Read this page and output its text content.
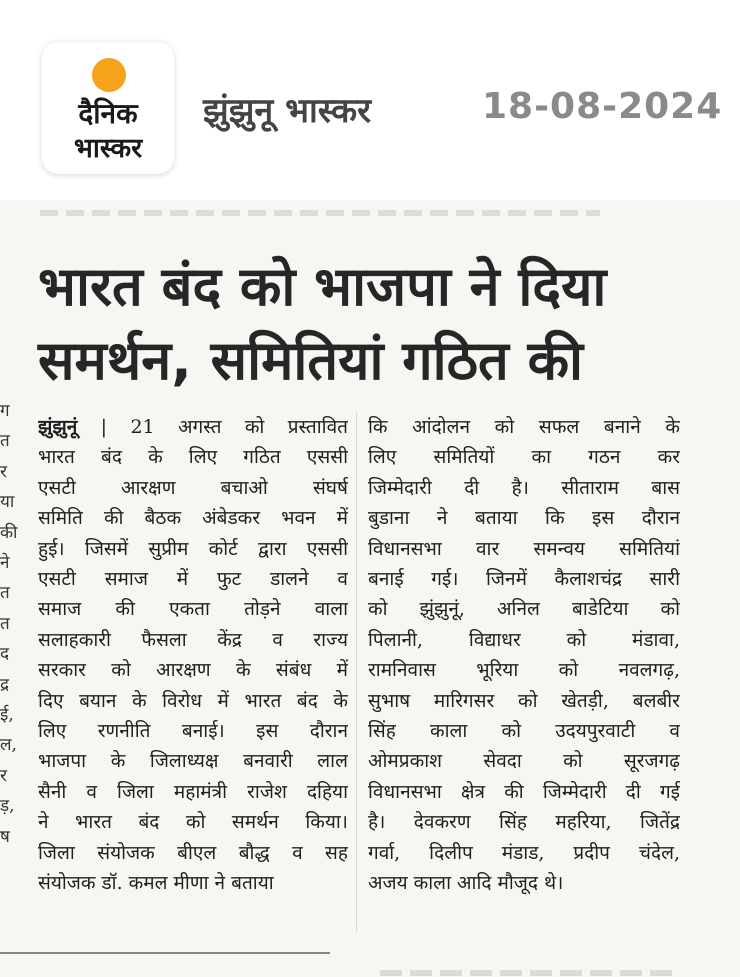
दैनिक
भास्कर
झुंझुनू भास्कर	18-08-2024
भारत बंद को भाजपा ने दिया
समर्थन, समितियां गठित की
ग
त
र
या
की
ने
त
त
द
द्र
ई,
ल,
र
ड़,
ष
झुंझुनूं | 21 अगस्त को प्रस्तावित
भारत बंद के लिए गठित एससी
एसटी आरक्षण बचाओ संघर्ष
समिति की बैठक अंबेडकर भवन में
हुई। जिसमें सुप्रीम कोर्ट द्वारा एससी
एसटी समाज में फुट डालने व
समाज की एकता तोड़ने वाला
सलाहकारी फैसला केंद्र व राज्य
सरकार को आरक्षण के संबंध में
दिए बयान के विरोध में भारत बंद के
लिए रणनीति बनाई। इस दौरान
भाजपा के जिलाध्यक्ष बनवारी लाल
सैनी व जिला महामंत्री राजेश दहिया
ने भारत बंद को समर्थन किया।
जिला संयोजक बीएल बौद्ध व सह
संयोजक डॉ. कमल मीणा ने बताया
कि आंदोलन को सफल बनाने के
लिए समितियों का गठन कर
जिम्मेदारी दी है। सीताराम बास
बुडाना ने बताया कि इस दौरान
विधानसभा वार समन्वय समितियां
बनाई गई। जिनमें कैलाशचंद्र सारी
को झुंझुनूं, अनिल बाडेटिया को
पिलानी, विद्याधर को मंडावा,
रामनिवास भूरिया को नवलगढ़,
सुभाष मारिगसर को खेतड़ी, बलबीर
सिंह काला को उदयपुरवाटी व
ओमप्रकाश सेवदा को सूरजगढ़
विधानसभा क्षेत्र की जिम्मेदारी दी गई
है। देवकरण सिंह महरिया, जितेंद्र
गर्वा, दिलीप मंडाड, प्रदीप चंदेल,
अजय काला आदि मौजूद थे।
